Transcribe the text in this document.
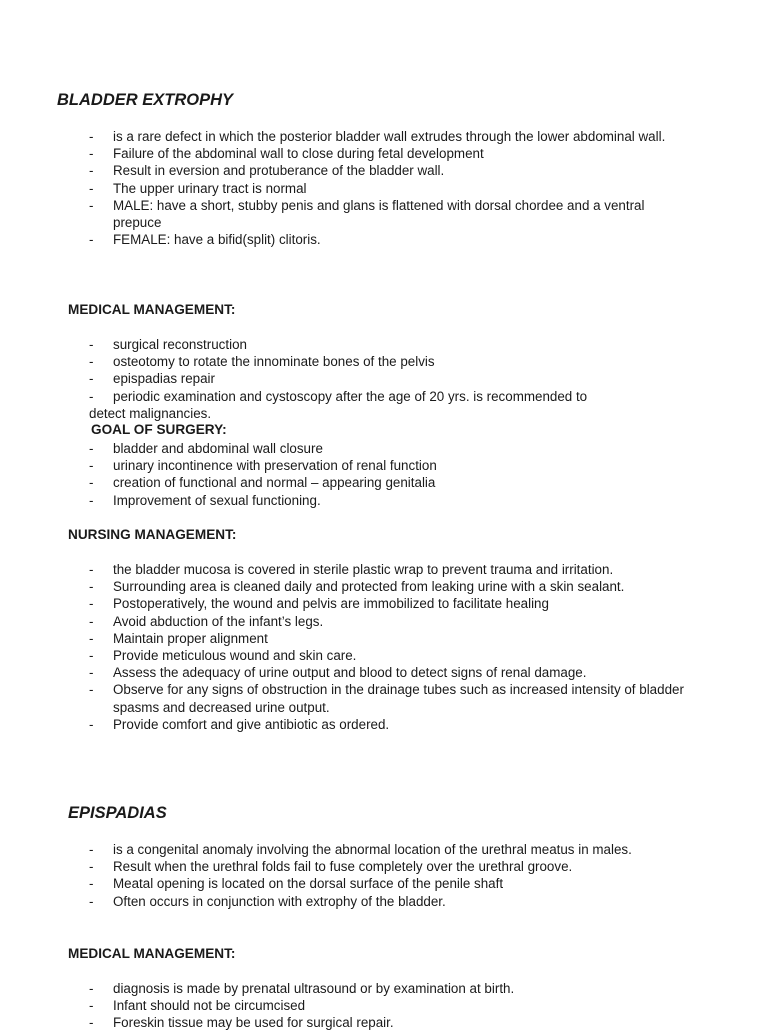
BLADDER EXTROPHY
- is a rare defect in which the posterior bladder wall extrudes through the lower abdominal wall.
- Failure of the abdominal wall to close during fetal development
- Result in eversion and protuberance of the bladder wall.
- The upper urinary tract is normal
- MALE: have a short, stubby penis and glans is flattened with dorsal chordee and a ventral prepuce
- FEMALE: have a bifid(split) clitoris.
MEDICAL MANAGEMENT:
- surgical reconstruction
- osteotomy to rotate the innominate bones of the pelvis
- epispadias repair

- periodic examination and cystoscopy after the age of 20 yrs. is recommended to
detect malignancies.

GOAL OF SURGERY:
- bladder and abdominal wall closure
- urinary incontinence with preservation of renal function
- creation of functional and normal – appearing genitalia
- Improvement of sexual functioning.
NURSING MANAGEMENT:
- the bladder mucosa is covered in sterile plastic wrap to prevent trauma and irritation.
- Surrounding area is cleaned daily and protected from leaking urine with a skin sealant.
- Postoperatively, the wound and pelvis are immobilized to facilitate healing
- Avoid abduction of the infant’s legs.
- Maintain proper alignment
- Provide meticulous wound and skin care.
- Assess the adequacy of urine output and blood to detect signs of renal damage.
- Observe for any signs of obstruction in the drainage tubes such as increased intensity of bladder spasms and decreased urine output.
- Provide comfort and give antibiotic as ordered.
EPISPADIAS
- is a congenital anomaly involving the abnormal location of the urethral meatus in males.
- Result when the urethral folds fail to fuse completely over the urethral groove.
- Meatal opening is located on the dorsal surface of the penile shaft
- Often occurs in conjunction with extrophy of the bladder.
MEDICAL MANAGEMENT:
- diagnosis is made by prenatal ultrasound or by examination at birth.
- Infant should not be circumcised
- Foreskin tissue may be used for surgical repair.
